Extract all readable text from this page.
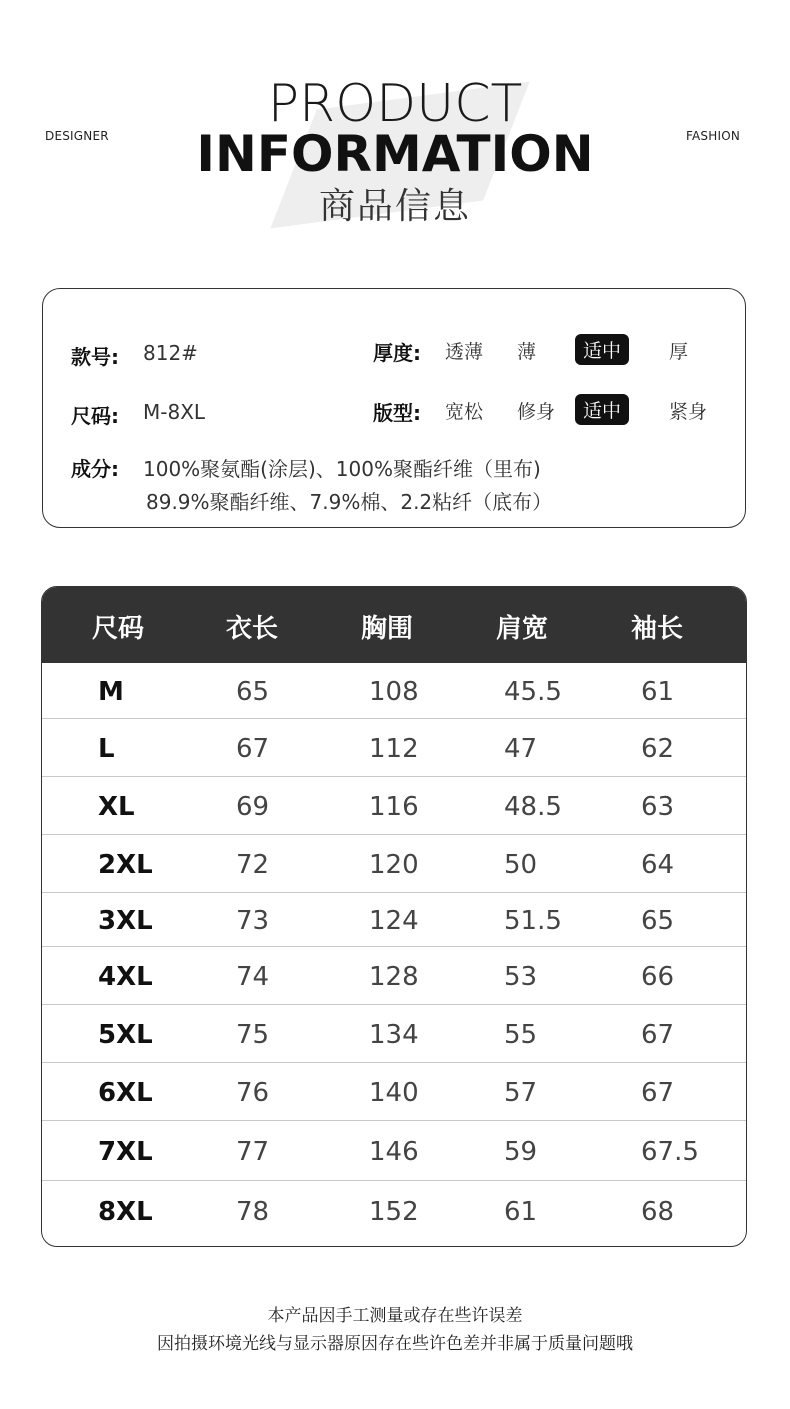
DESIGNER	FASHION
PRODUCT
INFORMATION
商品信息
款号: 812#	厚度: 透薄 薄	适中	厚
尺码: M-8XL	版型: 宽松 修身	适中	紧身
成分: 100%聚氨酯(涂层)、100%聚酯纤维（里布)
89.9%聚酯纤维、7.9%棉、2.2粘纤（底布）
尺码	衣长	胸围	肩宽	袖长
M	65	108	45.5	61
L	67	112	47	62
XL	69	116	48.5	63
2XL	72	120	50	64
3XL	73	124	51.5	65
4XL	74	128	53	66
5XL	75	134	55	67
6XL	76	140	57	67
7XL	77	146	59	67.5
8XL	78	152	61	68
本产品因手工测量或存在些许误差
因拍摄环境光线与显示器原因存在些许色差并非属于质量问题哦
